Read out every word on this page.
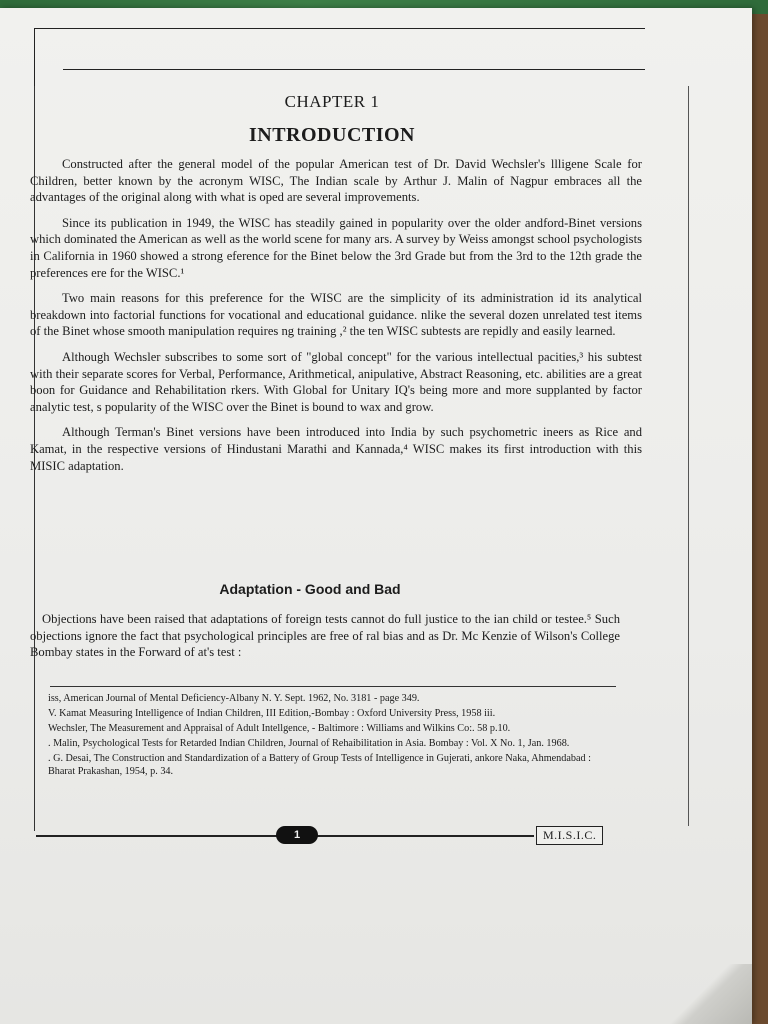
CHAPTER 1
INTRODUCTION

Constructed after the general model of the popular American test of Dr. David Wechsler's llligene Scale for Children, better known by the acronym WISC, The Indian scale by Arthur J. Malin of Nagpur embraces all the advantages of the original along with what is oped are several improvements.

Since its publication in 1949, the WISC has steadily gained in popularity over the older andford-Binet versions which dominated the American as well as the world scene for many ars. A survey by Weiss amongst school psychologists in California in 1960 showed a strong eference for the Binet below the 3rd Grade but from the 3rd to the 12th grade the preferences ere for the WISC.¹

Two main reasons for this preference for the WISC are the simplicity of its administration id its analytical breakdown into factorial functions for vocational and educational guidance. nlike the several dozen unrelated test items of the Binet whose smooth manipulation requires ng training ,² the ten WISC subtests are repidly and easily learned.

Although Wechsler subscribes to some sort of "global concept" for the various intellectual pacities,³ his subtest with their separate scores for Verbal, Performance, Arithmetical, anipulative, Abstract Reasoning, etc. abilities are a great boon for Guidance and Rehabilitation rkers. With Global for Unitary IQ's being more and more supplanted by factor analytic test, s popularity of the WISC over the Binet is bound to wax and grow.

Although Terman's Binet versions have been introduced into India by such psychometric ineers as Rice and Kamat, in the respective versions of Hindustani Marathi and Kannada,⁴ WISC makes its first introduction with this MISIC adaptation.

Adaptation - Good and Bad

Objections have been raised that adaptations of foreign tests cannot do full justice to the ian child or testee.⁵ Such objections ignore the fact that psychological principles are free of ral bias and as Dr. Mc Kenzie of Wilson's College Bombay states in the Forward of at's test :

iss, American Journal of Mental Deficiency-Albany N. Y. Sept. 1962, No. 3181 - page 349.
V. Kamat Measuring Intelligence of Indian Children, III Edition,-Bombay : Oxford University Press, 1958 iii.
Wechsler, The Measurement and Appraisal of Adult Intellgence, - Baltimore : Williams and Wilkins Co:. 58 p.10.
. Malin, Psychological Tests for Retarded Indian Children, Journal of Rehaibilitation in Asia. Bombay : Vol. X No. 1, Jan. 1968.
. G. Desai, The Construction and Standardization of a Battery of Group Tests of Intelligence in Gujerati, ankore Naka, Ahmendabad : Bharat Prakashan, 1954, p. 34.
1	M.I.S.I.C.
